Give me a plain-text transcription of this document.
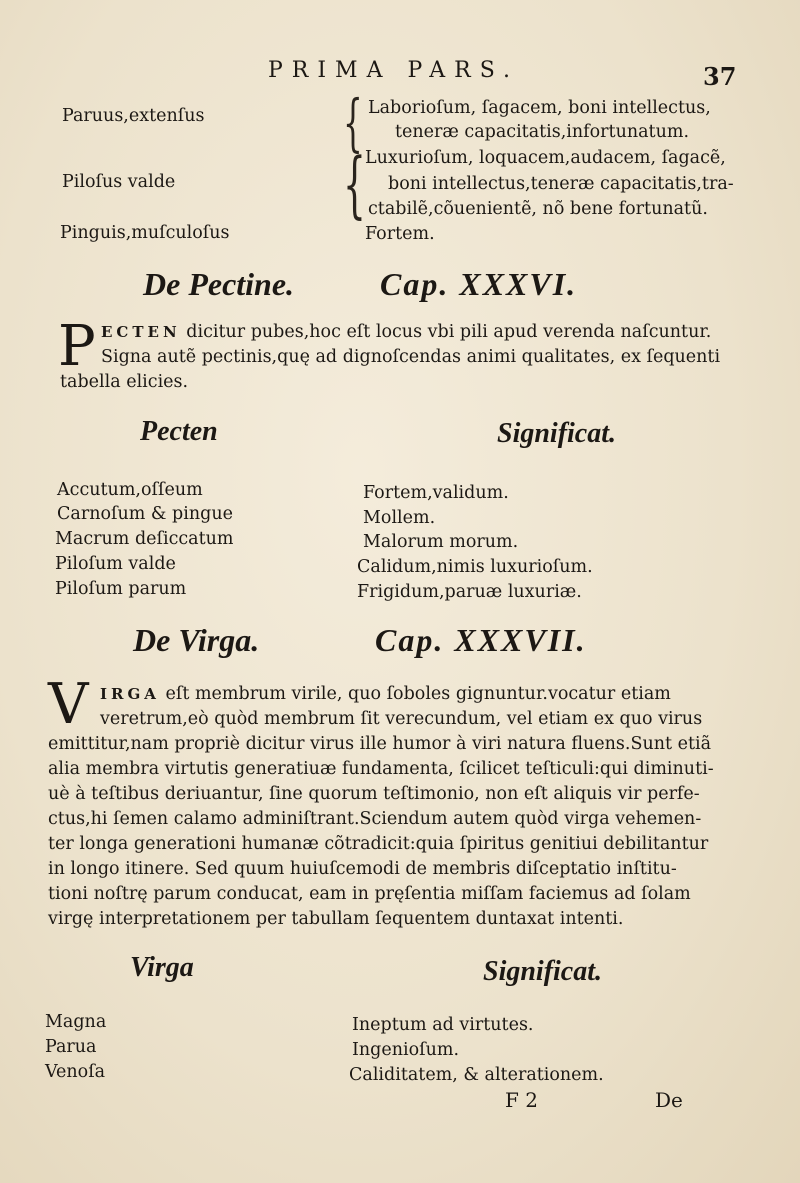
PRIMA PARS.	37
Paruus,extenſus { Laborioſum, ſagacem, boni intellectus,
teneræ capacitatis,infortunatum.
Piloſus valde { Luxurioſum, loquacem,audacem, ſagacẽ,
boni intellectus,teneræ capacitatis,tra-
ctabilẽ,cõuenientẽ, nõ bene fortunatũ.
Pinguis,muſculoſus	Fortem.
De Pectine.	Cap. XXXVI.
P ECTEN dicitur pubes,hoc eſt locus vbi pili apud verenda naſcuntur.
Signa autẽ pectinis,quę ad dignoſcendas animi qualitates, ex ſequenti
tabella elicies.
Pecten	Significat.
Accutum,oſſeum	Fortem,validum.
Carnoſum & pingue	Mollem.
Macrum deſiccatum	Malorum morum.
Piloſum valde	Calidum,nimis luxurioſum.
Piloſum parum	Frigidum,paruæ luxuriæ.
De Virga.	Cap. XXXVII.
V IRGA eſt membrum virile, quo ſoboles gignuntur.vocatur etiam
veretrum,eò quòd membrum ſit verecundum, vel etiam ex quo virus
emittitur,nam propriè dicitur virus ille humor à viri natura fluens.Sunt etiã
alia membra virtutis generatiuæ fundamenta, ſcilicet teſticuli:qui diminuti-
uè à teſtibus deriuantur, ſine quorum teſtimonio, non eſt aliquis vir perfe-
ctus,hi ſemen calamo adminiſtrant.Sciendum autem quòd virga vehemen-
ter longa generationi humanæ cõtradicit:quia ſpiritus genitiui debilitantur
in longo itinere. Sed quum huiuſcemodi de membris diſceptatio inſtitu-
tioni noſtrę parum conducat, eam in pręſentia miſſam faciemus ad ſolam
virgę interpretationem per tabullam ſequentem duntaxat intenti.
Virga	Significat.
Magna	Ineptum ad virtutes.
Parua	Ingenioſum.
Venoſa	Caliditatem, & alterationem.
F 2	De
